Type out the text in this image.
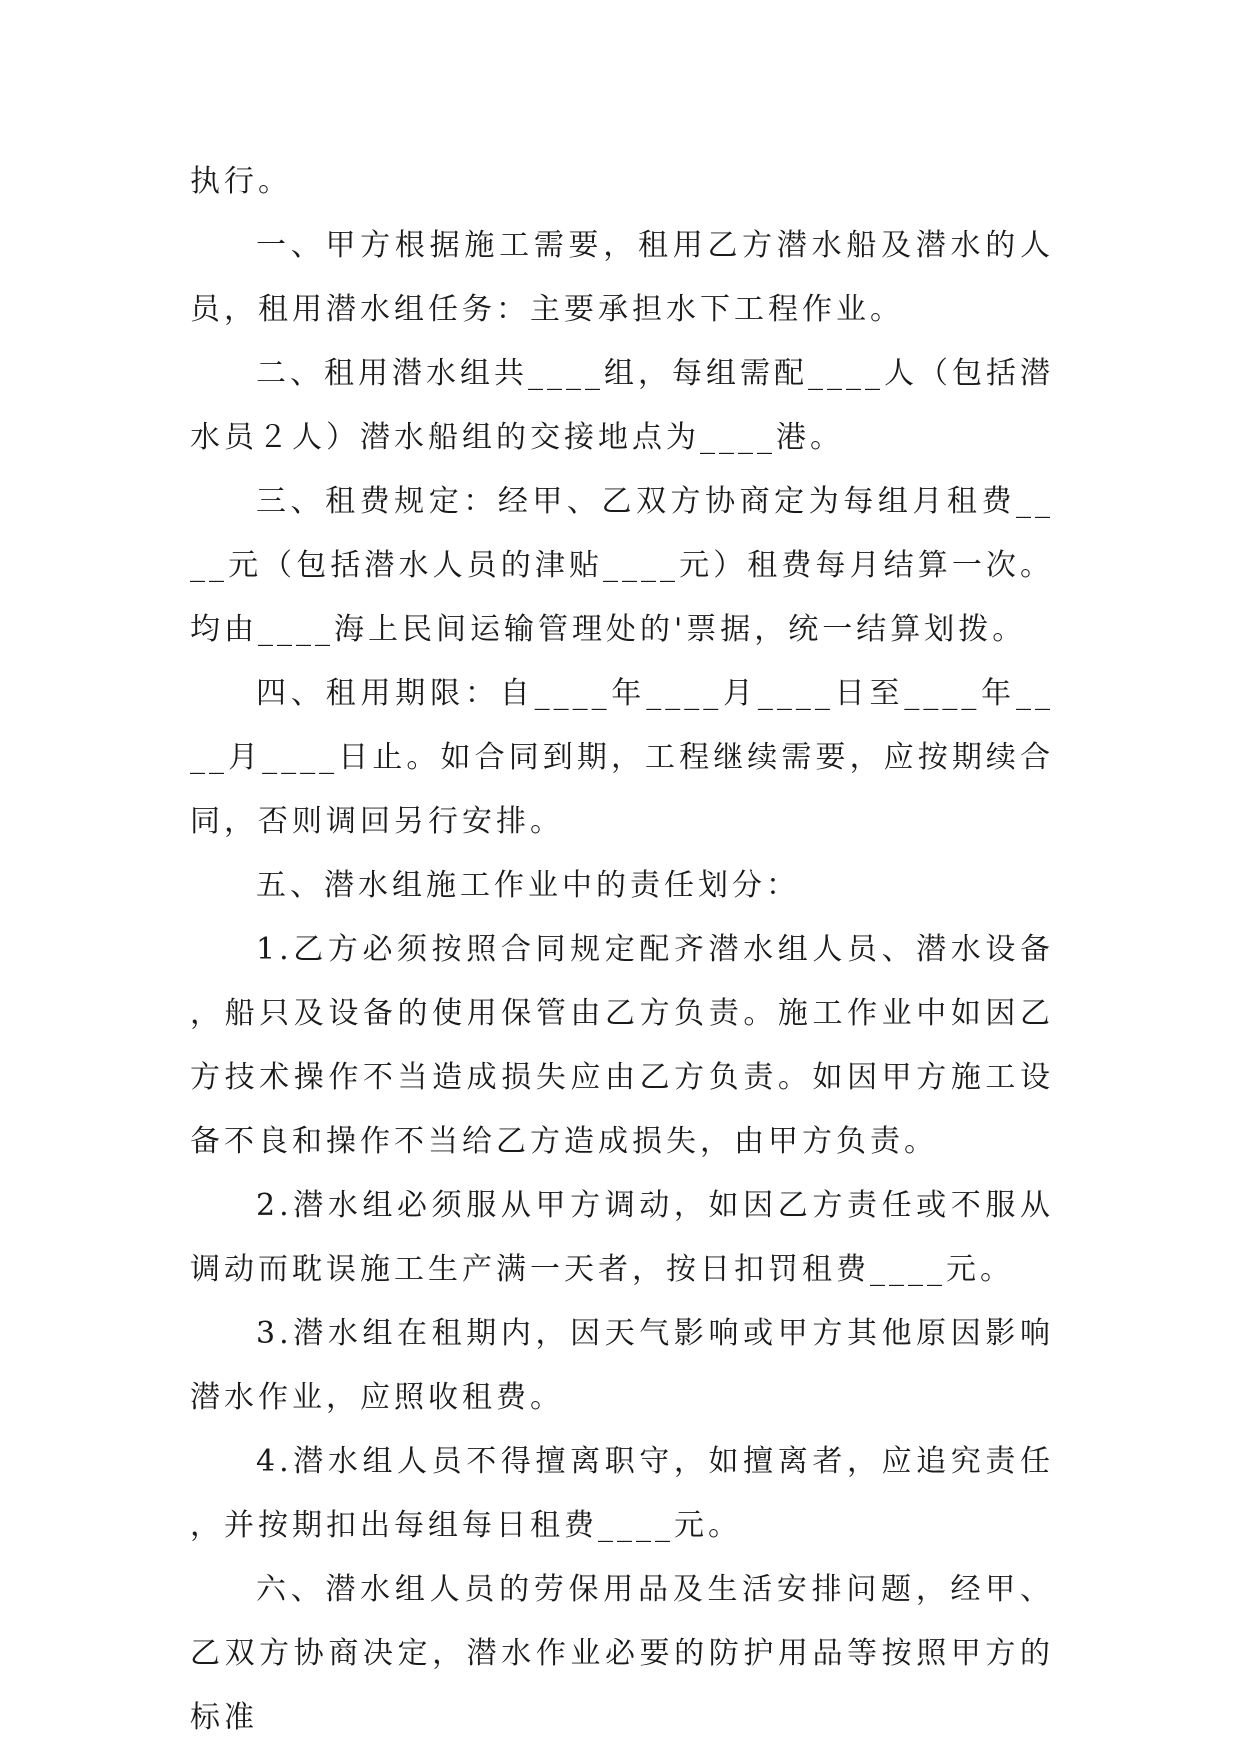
执行。

一、甲方根据施工需要，租用乙方潜水船及潜水的人员，租用潜水组任务：主要承担水下工程作业。

二、租用潜水组共____组，每组需配____人（包括潜水员２人）潜水船组的交接地点为____港。

三、租费规定：经甲、乙双方协商定为每组月租费____元（包括潜水人员的津贴____元）租费每月结算一次。均由____海上民间运输管理处的'票据，统一结算划拨。

四、租用期限：自____年____月____日至____年____月____日止。如合同到期，工程继续需要，应按期续合同，否则调回另行安排。

五、潜水组施工作业中的责任划分：

1.乙方必须按照合同规定配齐潜水组人员、潜水设备，船只及设备的使用保管由乙方负责。施工作业中如因乙方技术操作不当造成损失应由乙方负责。如因甲方施工设备不良和操作不当给乙方造成损失，由甲方负责。

2.潜水组必须服从甲方调动，如因乙方责任或不服从调动而耽误施工生产满一天者，按日扣罚租费____元。

3.潜水组在租期内，因天气影响或甲方其他原因影响潜水作业，应照收租费。

4.潜水组人员不得擅离职守，如擅离者，应追究责任，并按期扣出每组每日租费____元。

六、潜水组人员的劳保用品及生活安排问题，经甲、乙双方协商决定，潜水作业必要的防护用品等按照甲方的标准
